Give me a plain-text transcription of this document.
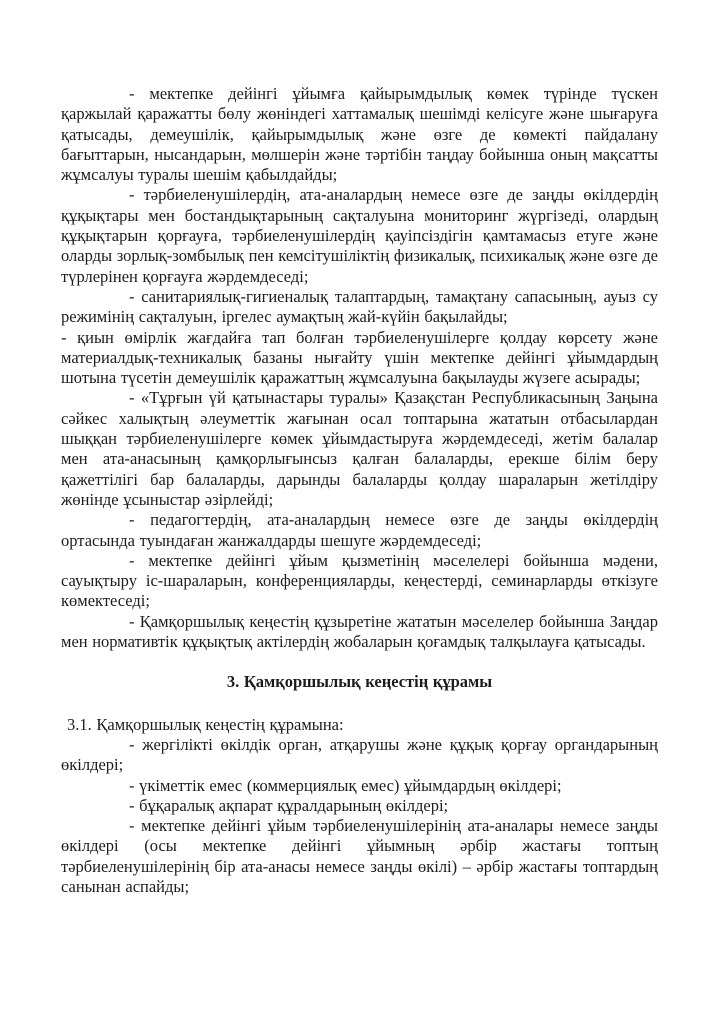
- мектепке дейінгі ұйымға қайырымдылық көмек түрінде түскен қаржылай қаражатты бөлу жөніндегі хаттамалық шешімді келісуге және шығаруға қатысады, демеушілік, қайырымдылық және өзге де көмекті пайдалану бағыттарын, нысандарын, мөлшерін және тәртібін таңдау бойынша оның мақсатты жұмсалуы туралы шешім қабылдайды;

- тәрбиеленушілердің, ата-аналардың немесе өзге де заңды өкілдердің құқықтары мен бостандықтарының сақталуына мониторинг жүргізеді, олардың құқықтарын қорғауға, тәрбиеленушілердің қауіпсіздігін қамтамасыз етуге және оларды зорлық-зомбылық пен кемсітушіліктің физикалық, психикалық және өзге де түрлерінен қорғауға жәрдемдеседі;

- санитариялық-гигиеналық талаптардың, тамақтану сапасының, ауыз су режимінің сақталуын, іргелес аумақтың жай-күйін бақылайды;

- қиын өмірлік жағдайға тап болған тәрбиеленушілерге қолдау көрсету және материалдық-техникалық базаны нығайту үшін мектепке дейінгі ұйымдардың шотына түсетін демеушілік қаражаттың жұмсалуына бақылауды жүзеге асырады;

- «Тұрғын үй қатынастары туралы» Қазақстан Республикасының Заңына сәйкес халықтың әлеуметтік жағынан осал топтарына жататын отбасылардан шыққан тәрбиеленушілерге көмек ұйымдастыруға жәрдемдеседі, жетім балалар мен ата-анасының қамқорлығынсыз қалған балаларды, ерекше білім беру қажеттілігі бар балаларды, дарынды балаларды қолдау шараларын жетілдіру жөнінде ұсыныстар әзірлейді;

- педагогтердің, ата-аналардың немесе өзге де заңды өкілдердің ортасында туындаған жанжалдарды шешуге жәрдемдеседі;

- мектепке дейінгі ұйым қызметінің мәселелері бойынша мәдени, сауықтыру іс-шараларын, конференцияларды, кеңестерді, семинарларды өткізуге көмектеседі;

- Қамқоршылық кеңестің құзыретіне жататын мәселелер бойынша Заңдар мен нормативтік құқықтық актілердің жобаларын қоғамдық талқылауға қатысады.

3. Қамқоршылық кеңестің құрамы

3.1. Қамқоршылық кеңестің құрамына:

- жергілікті өкілдік орган, атқарушы және құқық қорғау органдарының өкілдері;

- үкіметтік емес (коммерциялық емес) ұйымдардың өкілдері;

- бұқаралық ақпарат құралдарының өкілдері;

- мектепке дейінгі ұйым тәрбиеленушілерінің ата-аналары немесе заңды өкілдері (осы мектепке дейінгі ұйымның әрбір жастағы топтың тәрбиеленушілерінің бір ата-анасы немесе заңды өкілі) – әрбір жастағы топтардың санынан аспайды;
